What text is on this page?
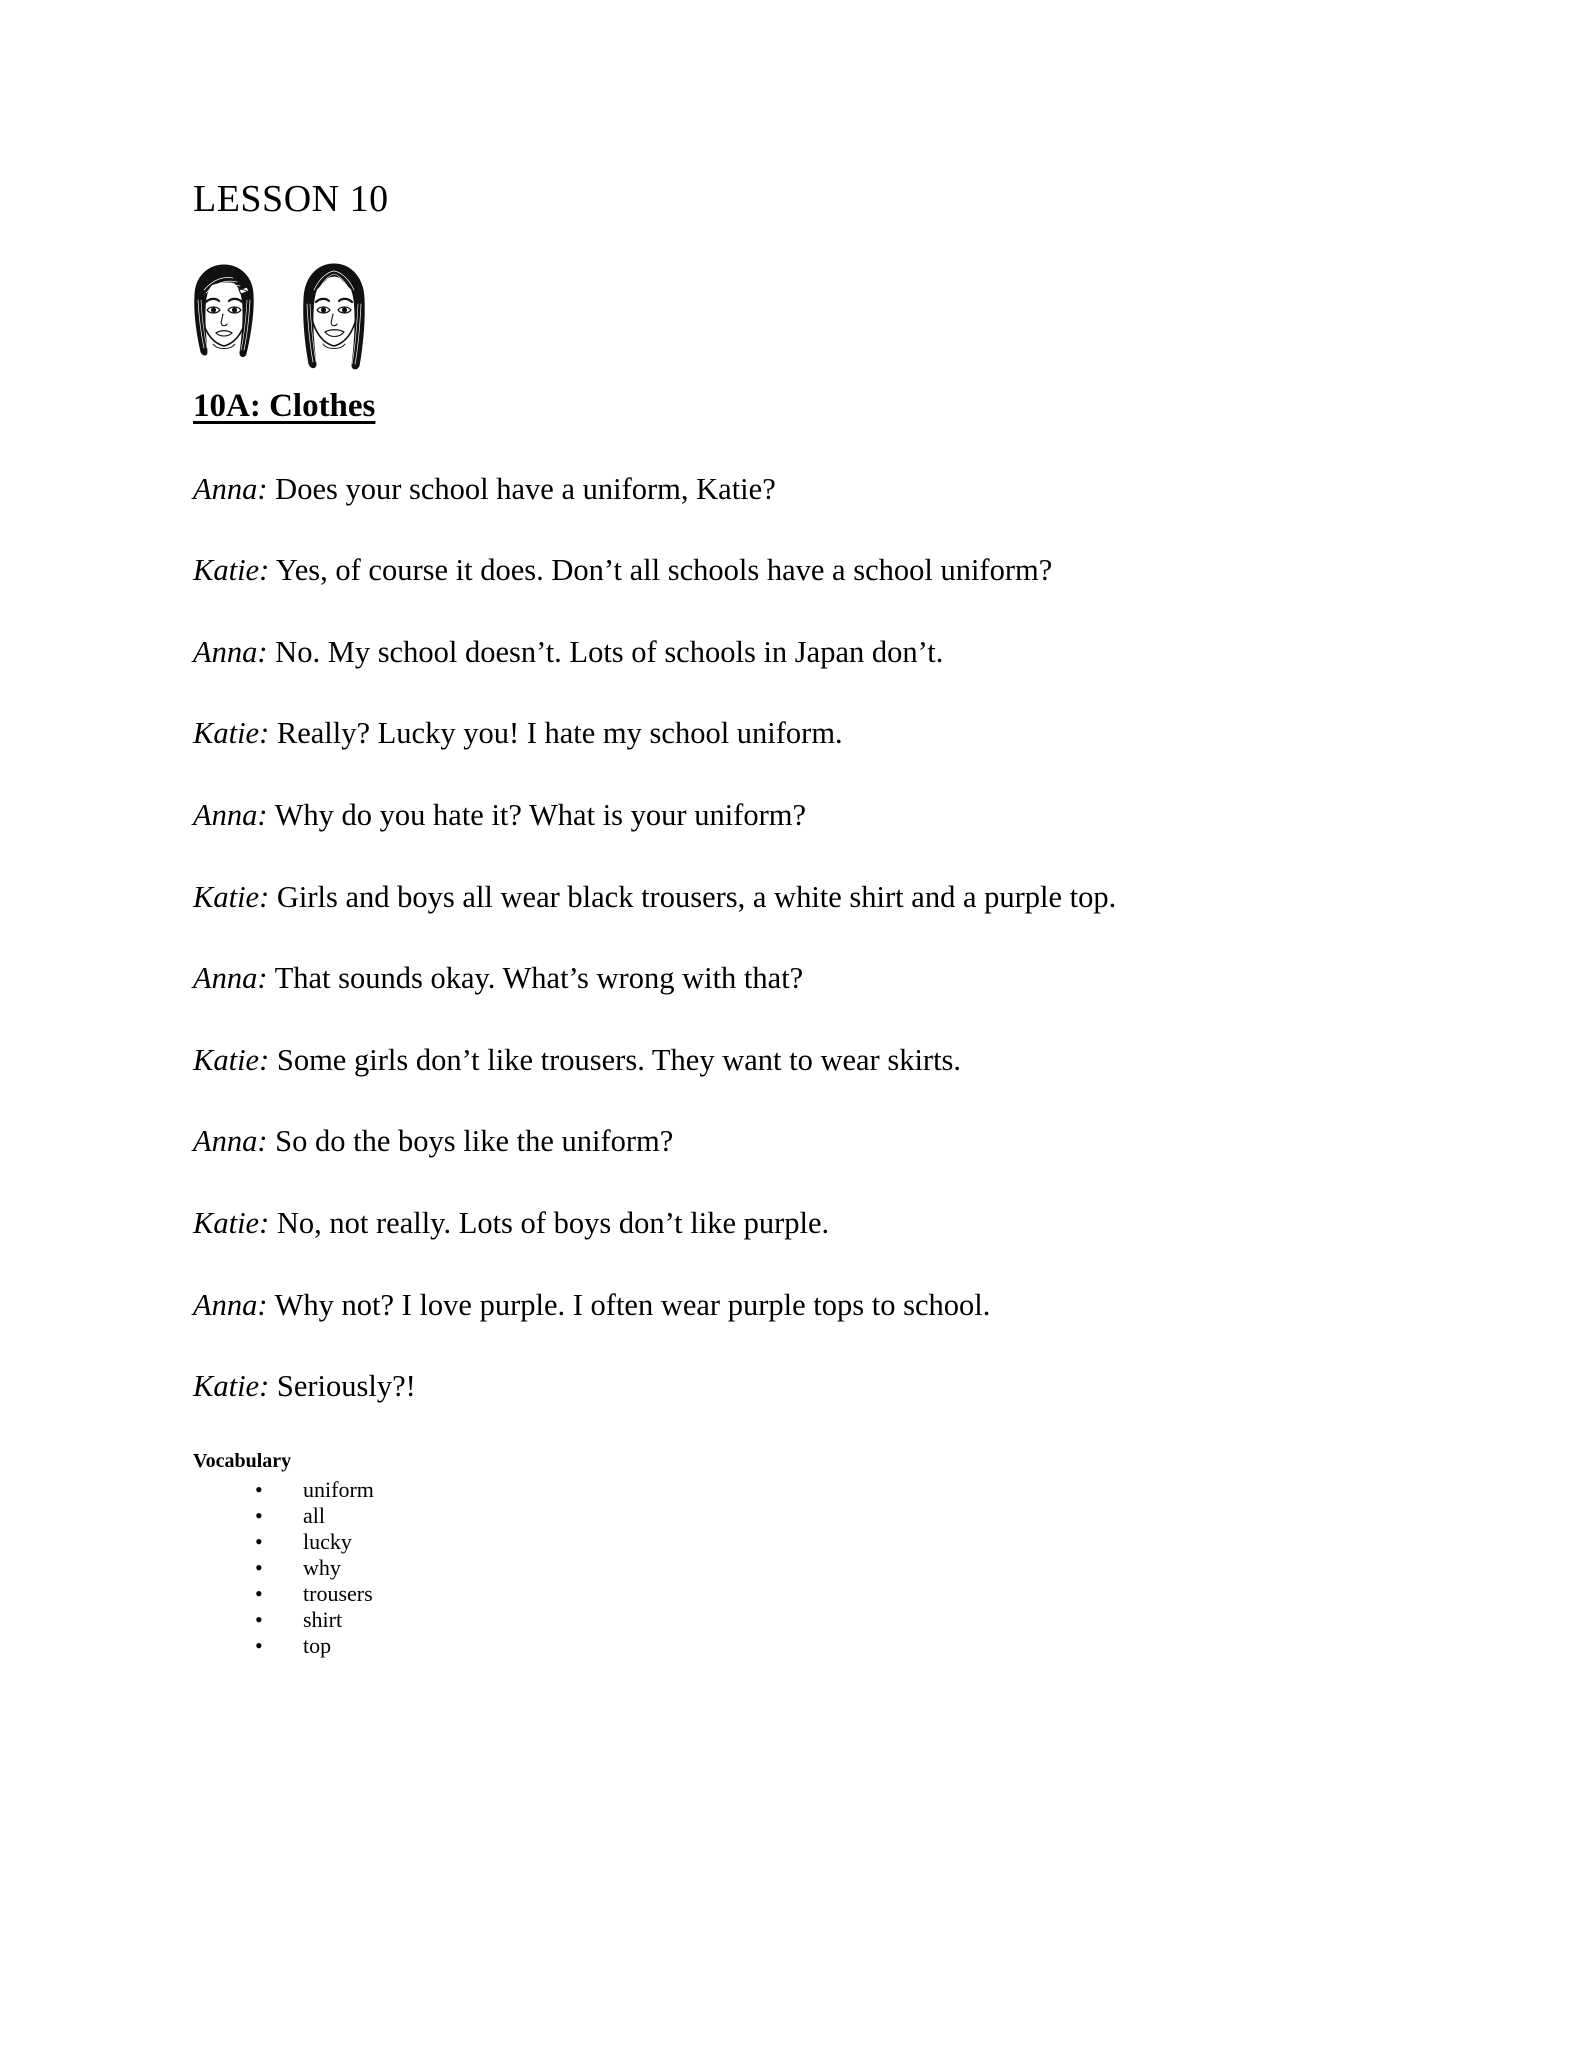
LESSON 10
10A: Clothes

Anna: Does your school have a uniform, Katie?

Katie: Yes, of course it does. Don’t all schools have a school uniform?

Anna: No. My school doesn’t. Lots of schools in Japan don’t.

Katie: Really? Lucky you! I hate my school uniform.

Anna: Why do you hate it? What is your uniform?

Katie: Girls and boys all wear black trousers, a white shirt and a purple top.

Anna: That sounds okay. What’s wrong with that?

Katie: Some girls don’t like trousers. They want to wear skirts.

Anna: So do the boys like the uniform?

Katie: No, not really. Lots of boys don’t like purple.

Anna: Why not? I love purple. I often wear purple tops to school.

Katie: Seriously?!

Vocabulary
• uniform
• all
• lucky
• why
• trousers
• shirt
• top
